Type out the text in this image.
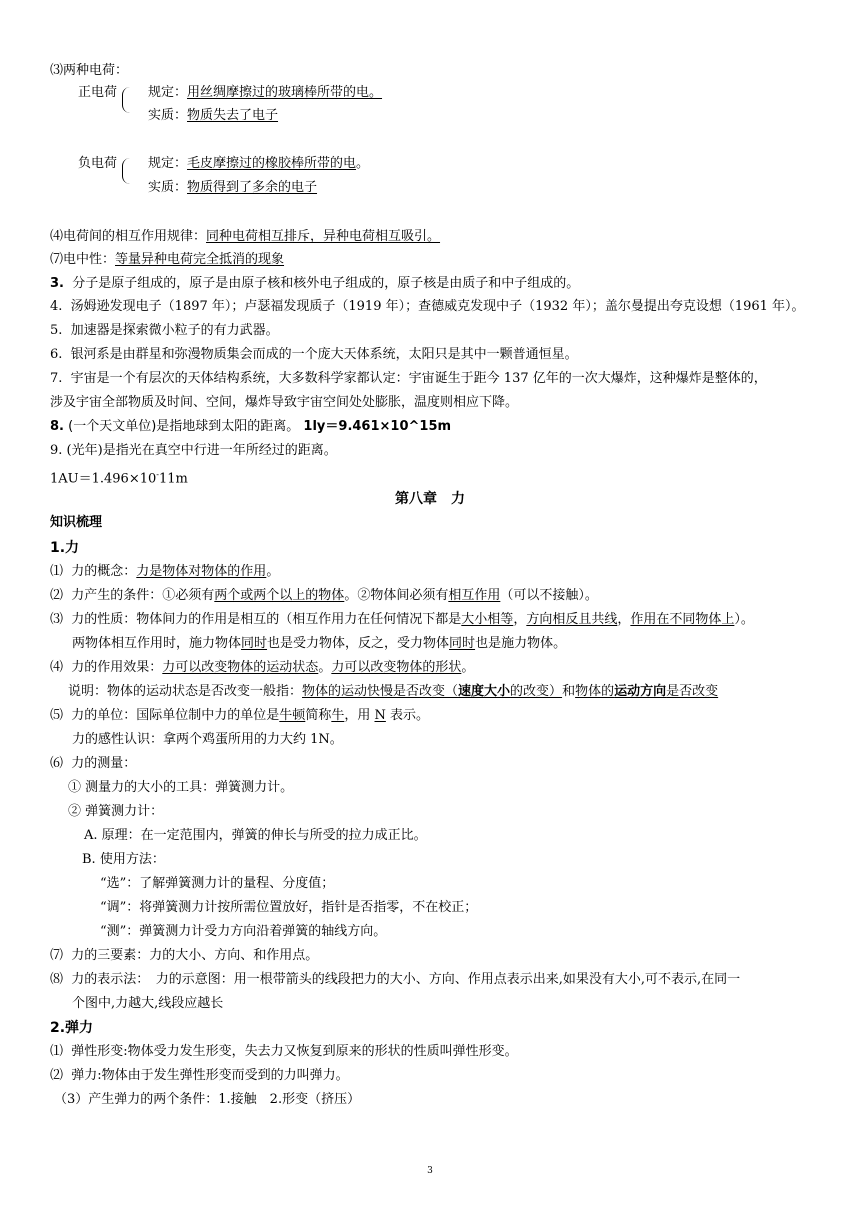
⑶两种电荷：
正电荷 规定：用丝绸摩擦过的玻璃棒所带的电。
实质：物质失去了电子
负电荷 规定：毛皮摩擦过的橡胶棒所带的电。
实质：物质得到了多余的电子
⑷电荷间的相互作用规律：同种电荷相互排斥，异种电荷相互吸引。
⑺电中性：等量异种电荷完全抵消的现象
3. 分子是原子组成的，原子是由原子核和核外电子组成的，原子核是由质子和中子组成的。
4. 汤姆逊发现电子（1897 年）；卢瑟福发现质子（1919 年）；查德威克发现中子（1932 年）；盖尔曼提出夸克设想（1961 年）。
5. 加速器是探索微小粒子的有力武器。
6. 银河系是由群星和弥漫物质集会而成的一个庞大天体系统，太阳只是其中一颗普通恒星。
7. 宇宙是一个有层次的天体结构系统，大多数科学家都认定：宇宙诞生于距今 137 亿年的一次大爆炸，这种爆炸是整体的，
涉及宇宙全部物质及时间、空间，爆炸导致宇宙空间处处膨胀，温度则相应下降。
8. (一个天文单位)是指地球到太阳的距离。 1ly＝9.461×10^15m
9. (光年)是指光在真空中行进一年所经过的距离。
1AU＝1.496×10-11m
第八章　力
知识梳理
1.力
⑴ 力的概念：力是物体对物体的作用。
⑵ 力产生的条件：①必须有两个或两个以上的物体。②物体间必须有相互作用（可以不接触）。
⑶ 力的性质：物体间力的作用是相互的（相互作用力在任何情况下都是大小相等，方向相反且共线，作用在不同物体上）。
两物体相互作用时，施力物体同时也是受力物体，反之，受力物体同时也是施力物体。
⑷ 力的作用效果：力可以改变物体的运动状态。力可以改变物体的形状。
说明：物体的运动状态是否改变一般指：物体的运动快慢是否改变（速度大小的改变）和物体的运动方向是否改变
⑸ 力的单位：国际单位制中力的单位是牛顿简称牛，用 N 表示。
力的感性认识：拿两个鸡蛋所用的力大约 1N。
⑹ 力的测量：
① 测量力的大小的工具：弹簧测力计。
② 弹簧测力计：
A. 原理：在一定范围内，弹簧的伸长与所受的拉力成正比。
B. 使用方法：
“选”：了解弹簧测力计的量程、分度值；
“调”：将弹簧测力计按所需位置放好，指针是否指零，不在校正；
“测”：弹簧测力计受力方向沿着弹簧的轴线方向。
⑺ 力的三要素：力的大小、方向、和作用点。
⑻ 力的表示法：　力的示意图：用一根带箭头的线段把力的大小、方向、作用点表示出来,如果没有大小,可不表示,在同一
个图中,力越大,线段应越长
2.弹力
⑴ 弹性形变:物体受力发生形变，失去力又恢复到原来的形状的性质叫弹性形变。
⑵ 弹力:物体由于发生弹性形变而受到的力叫弹力。
（3）产生弹力的两个条件：1.接触　2.形变（挤压）
3
